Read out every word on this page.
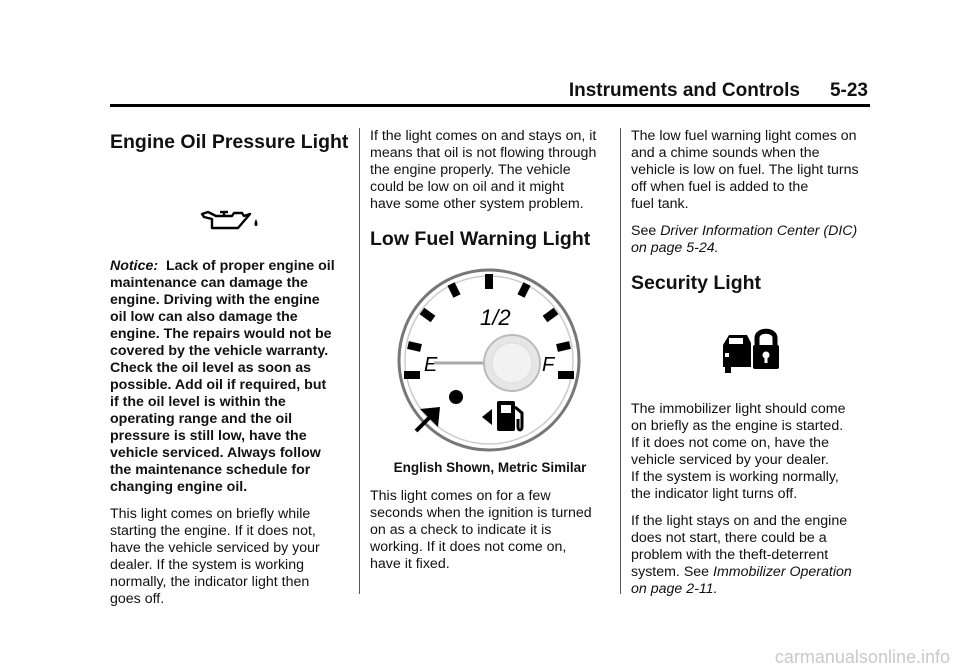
Instruments and Controls 5-23
Engine Oil Pressure Light

Notice: Lack of proper engine oil
maintenance can damage the
engine. Driving with the engine
oil low can also damage the
engine. The repairs would not be
covered by the vehicle warranty.
Check the oil level as soon as
possible. Add oil if required, but
if the oil level is within the
operating range and the oil
pressure is still low, have the
vehicle serviced. Always follow
the maintenance schedule for
changing engine oil.

This light comes on briefly while
starting the engine. If it does not,
have the vehicle serviced by your
dealer. If the system is working
normally, the indicator light then
goes off.

If the light comes on and stays on, it
means that oil is not flowing through
the engine properly. The vehicle
could be low on oil and it might
have some other system problem.

Low Fuel Warning Light
1/2
E	F
English Shown, Metric Similar

This light comes on for a few
seconds when the ignition is turned
on as a check to indicate it is
working. If it does not come on,
have it fixed.

The low fuel warning light comes on
and a chime sounds when the
vehicle is low on fuel. The light turns
off when fuel is added to the
fuel tank.

See Driver Information Center (DIC)
on page 5-24.

Security Light

The immobilizer light should come
on briefly as the engine is started.
If it does not come on, have the
vehicle serviced by your dealer.
If the system is working normally,
the indicator light turns off.

If the light stays on and the engine
does not start, there could be a
problem with the theft-deterrent
system. See Immobilizer Operation
on page 2-11.

carmanualsonline.info
